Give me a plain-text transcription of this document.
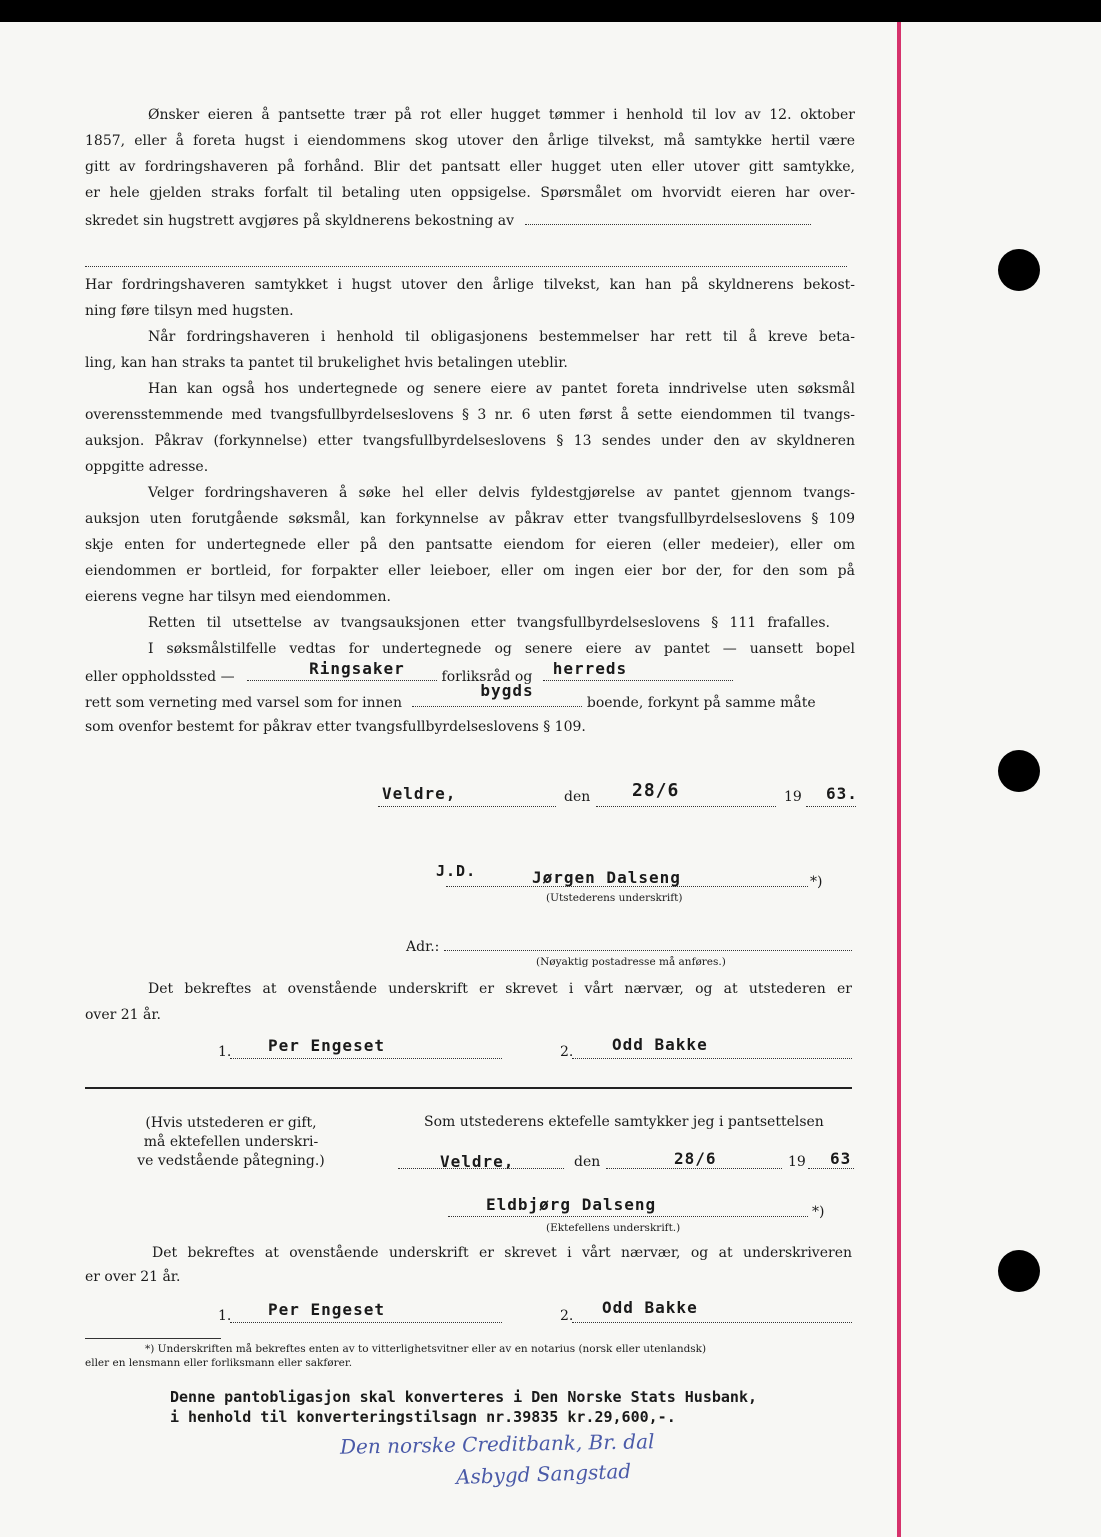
Ønsker eieren å pantsette trær på rot eller hugget tømmer i henhold til lov av 12. oktober
1857, eller å foreta hugst i eiendommens skog utover den årlige tilvekst, må samtykke hertil være
gitt av fordringshaveren på forhånd. Blir det pantsatt eller hugget uten eller utover gitt samtykke,
er hele gjelden straks forfalt til betaling uten oppsigelse. Spørsmålet om hvorvidt eieren har over-
skredet sin hugstrett avgjøres på skyldnerens bekostning av
Har fordringshaveren samtykket i hugst utover den årlige tilvekst, kan han på skyldnerens bekost-
ning føre tilsyn med hugsten.
Når fordringshaveren i henhold til obligasjonens bestemmelser har rett til å kreve beta-
ling, kan han straks ta pantet til brukelighet hvis betalingen uteblir.
Han kan også hos undertegnede og senere eiere av pantet foreta inndrivelse uten søksmål
overensstemmende med tvangsfullbyrdelseslovens § 3 nr. 6 uten først å sette eiendommen til tvangs-
auksjon. Påkrav (forkynnelse) etter tvangsfullbyrdelseslovens § 13 sendes under den av skyldneren
oppgitte adresse.
Velger fordringshaveren å søke hel eller delvis fyldestgjørelse av pantet gjennom tvangs-
auksjon uten forutgående søksmål, kan forkynnelse av påkrav etter tvangsfullbyrdelseslovens § 109
skje enten for undertegnede eller på den pantsatte eiendom for eieren (eller medeier), eller om
eiendommen er bortleid, for forpakter eller leieboer, eller om ingen eier bor der, for den som på
eierens vegne har tilsyn med eiendommen.
Retten til utsettelse av tvangsauksjonen etter tvangsfullbyrdelseslovens § 111 frafalles.
I søksmålstilfelle vedtas for undertegnede og senere eiere av pantet — uansett bopel
eller oppholdssted —	Ringsaker	forliksråd og herreds
rett som verneting med varsel som for innen
bygds
boende, forkynt på samme måte
som ovenfor bestemt for påkrav etter tvangsfullbyrdelseslovens § 109.
Veldre,	den 28/6	19 63.
J.D.	Jørgen Dalseng	*)
(Utstederens underskrift)
Adr.:
(Nøyaktig postadresse må anføres.)
Det bekreftes at ovenstående underskrift er skrevet i vårt nærvær, og at utstederen er
over 21 år.
1. Per Engeset	2. Odd Bakke
(Hvis utstederen er gift,
må ektefellen underskri-
ve vedstående påtegning.)
Som utstederens ektefelle samtykker jeg i pantsettelsen
Veldre,	den	28/6	19 63
Eldbjørg Dalseng	*)
(Ektefellens underskrift.)
Det bekreftes at ovenstående underskrift er skrevet i vårt nærvær, og at underskriveren
er over 21 år.
1. Per Engeset	2. Odd Bakke
*) Underskriften må bekreftes enten av to vitterlighetsvitner eller av en notarius (norsk eller utenlandsk)
eller en lensmann eller forliksmann eller sakfører.
Denne pantobligasjon skal konverteres i Den Norske Stats Husbank,
i henhold til konverteringstilsagn nr.39835 kr.29,600,-.
Den norske Creditbank, Br. dal
Asbygd Sangstad
